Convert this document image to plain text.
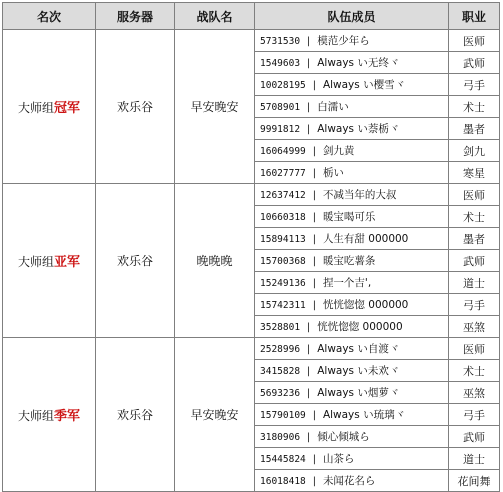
名次	服务器	战队名	队伍成员	职业
大师组冠军	欢乐谷	早安晚安	5731530 | 模范少年ら	医师
			1549603 | Always い无终ヾ	武师
			10028195 | Always い樱雪ヾ	弓手
			5708901 | 白濡い	术士
			9991812 | Always い萘栃ヾ	墨者
			16064999 | 剑九黄	剑九
			16027777 | 栃い	寒星
大师组亚军	欢乐谷	晚晚晚	12637412 | 不减当年的大叔	医师
			10660318 | 暖宝喝可乐	术士
			15894113 | 人生有甜 000000	墨者
			15700368 | 暖宝吃薯条	武师
			15249136 | 捏一个吉',	道士
			15742311 | 恍恍惚惚 000000	弓手
			3528801 | 恍恍惚惚 000000	巫煞
大师组季军	欢乐谷	早安晚安	2528996 | Always い自渡ヾ	医师
			3415828 | Always い未欢ヾ	术士
			5693236 | Always い烟萝ヾ	巫煞
			15790109 | Always い琉璃ヾ	弓手
			3180906 | 倾心倾城ら	武师
			15445824 | 山茶ら	道士
			16018418 | 未闻花名ら	花间舞
